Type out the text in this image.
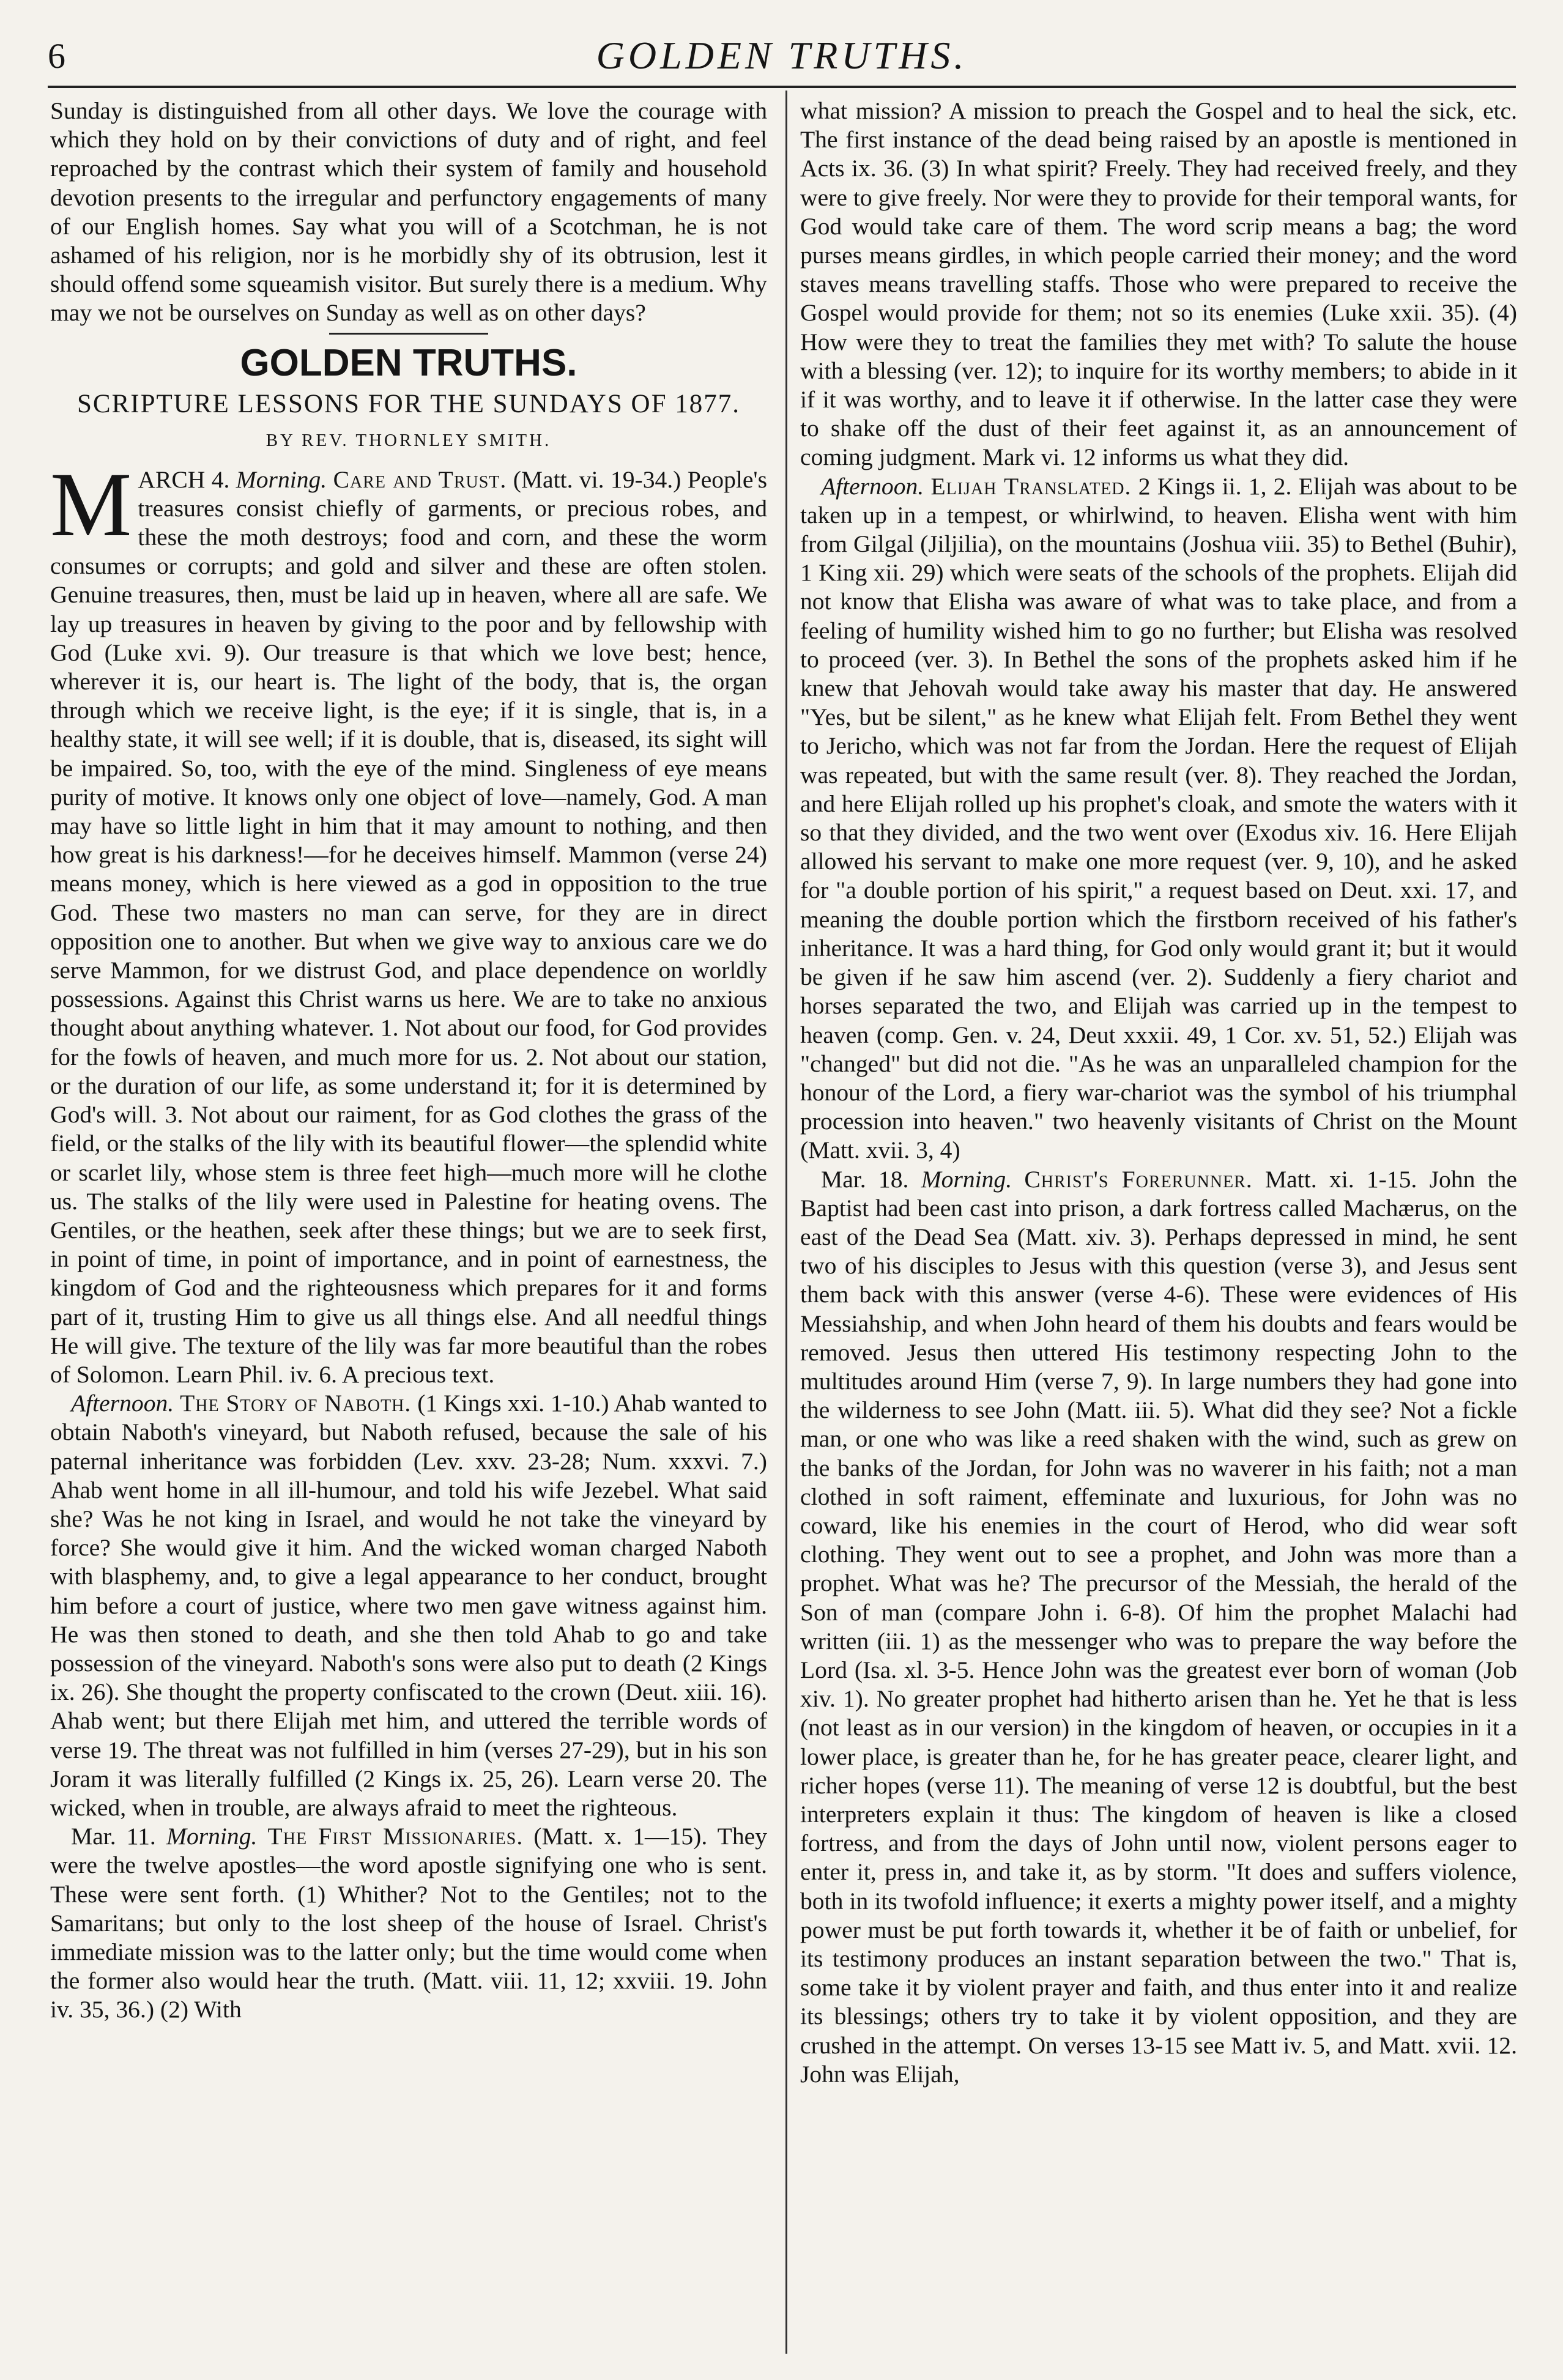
6	GOLDEN TRUTHS.

Sunday is distinguished from all other days. We love the courage with which they hold on by their convictions of duty and of right, and feel reproached by the contrast which their system of family and household devotion presents to the irregular and perfunctory engagements of many of our English homes. Say what you will of a Scotchman, he is not ashamed of his religion, nor is he morbidly shy of its obtrusion, lest it should offend some squeamish visitor. But surely there is a medium. Why may we not be ourselves on Sunday as well as on other days?

GOLDEN TRUTHS.
SCRIPTURE LESSONS FOR THE SUNDAYS OF 1877.
BY REV. THORNLEY SMITH.

MARCH 4. Morning. Care and Trust. (Matt. vi. 19-34.) People's treasures consist chiefly of garments, or precious robes, and these the moth destroys; food and corn, and these the worm consumes or corrupts; and gold and silver and these are often stolen. Genuine treasures, then, must be laid up in heaven, where all are safe. We lay up treasures in heaven by giving to the poor and by fellowship with God (Luke xvi. 9). Our treasure is that which we love best; hence, wherever it is, our heart is. The light of the body, that is, the organ through which we receive light, is the eye; if it is single, that is, in a healthy state, it will see well; if it is double, that is, diseased, its sight will be impaired. So, too, with the eye of the mind. Singleness of eye means purity of motive. It knows only one object of love—namely, God. A man may have so little light in him that it may amount to nothing, and then how great is his darkness!—for he deceives himself. Mammon (verse 24) means money, which is here viewed as a god in opposition to the true God. These two masters no man can serve, for they are in direct opposition one to another. But when we give way to anxious care we do serve Mammon, for we distrust God, and place dependence on worldly possessions. Against this Christ warns us here. We are to take no anxious thought about anything whatever. 1. Not about our food, for God provides for the fowls of heaven, and much more for us. 2. Not about our station, or the duration of our life, as some understand it; for it is determined by God's will. 3. Not about our raiment, for as God clothes the grass of the field, or the stalks of the lily with its beautiful flower—the splendid white or scarlet lily, whose stem is three feet high—much more will he clothe us. The stalks of the lily were used in Palestine for heating ovens. The Gentiles, or the heathen, seek after these things; but we are to seek first, in point of time, in point of importance, and in point of earnestness, the kingdom of God and the righteousness which prepares for it and forms part of it, trusting Him to give us all things else. And all needful things He will give. The texture of the lily was far more beautiful than the robes of Solomon. Learn Phil. iv. 6. A precious text.

Afternoon. The Story of Naboth. (1 Kings xxi. 1-10.) Ahab wanted to obtain Naboth's vineyard, but Naboth refused, because the sale of his paternal inheritance was forbidden (Lev. xxv. 23-28; Num. xxxvi. 7.) Ahab went home in all ill-humour, and told his wife Jezebel. What said she? Was he not king in Israel, and would he not take the vineyard by force? She would give it him. And the wicked woman charged Naboth with blasphemy, and, to give a legal appearance to her conduct, brought him before a court of justice, where two men gave witness against him. He was then stoned to death, and she then told Ahab to go and take possession of the vineyard. Naboth's sons were also put to death (2 Kings ix. 26). She thought the property confiscated to the crown (Deut. xiii. 16). Ahab went; but there Elijah met him, and uttered the terrible words of verse 19. The threat was not fulfilled in him (verses 27-29), but in his son Joram it was literally fulfilled (2 Kings ix. 25, 26). Learn verse 20. The wicked, when in trouble, are always afraid to meet the righteous.

Mar. 11. Morning. The First Missionaries. (Matt. x. 1—15). They were the twelve apostles—the word apostle signifying one who is sent. These were sent forth. (1) Whither? Not to the Gentiles; not to the Samaritans; but only to the lost sheep of the house of Israel. Christ's immediate mission was to the latter only; but the time would come when the former also would hear the truth. (Matt. viii. 11, 12; xxviii. 19. John iv. 35, 36.) (2) With

what mission? A mission to preach the Gospel and to heal the sick, etc. The first instance of the dead being raised by an apostle is mentioned in Acts ix. 36. (3) In what spirit? Freely. They had received freely, and they were to give freely. Nor were they to provide for their temporal wants, for God would take care of them. The word scrip means a bag; the word purses means girdles, in which people carried their money; and the word staves means travelling staffs. Those who were prepared to receive the Gospel would provide for them; not so its enemies (Luke xxii. 35). (4) How were they to treat the families they met with? To salute the house with a blessing (ver. 12); to inquire for its worthy members; to abide in it if it was worthy, and to leave it if otherwise. In the latter case they were to shake off the dust of their feet against it, as an announcement of coming judgment. Mark vi. 12 informs us what they did.

Afternoon. Elijah Translated. 2 Kings ii. 1, 2. Elijah was about to be taken up in a tempest, or whirlwind, to heaven. Elisha went with him from Gilgal (Jiljilia), on the mountains (Joshua viii. 35) to Bethel (Buhir), 1 King xii. 29) which were seats of the schools of the prophets. Elijah did not know that Elisha was aware of what was to take place, and from a feeling of humility wished him to go no further; but Elisha was resolved to proceed (ver. 3). In Bethel the sons of the prophets asked him if he knew that Jehovah would take away his master that day. He answered "Yes, but be silent," as he knew what Elijah felt. From Bethel they went to Jericho, which was not far from the Jordan. Here the request of Elijah was repeated, but with the same result (ver. 8). They reached the Jordan, and here Elijah rolled up his prophet's cloak, and smote the waters with it so that they divided, and the two went over (Exodus xiv. 16. Here Elijah allowed his servant to make one more request (ver. 9, 10), and he asked for "a double portion of his spirit," a request based on Deut. xxi. 17, and meaning the double portion which the firstborn received of his father's inheritance. It was a hard thing, for God only would grant it; but it would be given if he saw him ascend (ver. 2). Suddenly a fiery chariot and horses separated the two, and Elijah was carried up in the tempest to heaven (comp. Gen. v. 24, Deut xxxii. 49, 1 Cor. xv. 51, 52.) Elijah was "changed" but did not die. "As he was an unparalleled champion for the honour of the Lord, a fiery war-chariot was the symbol of his triumphal procession into heaven." two heavenly visitants of Christ on the Mount (Matt. xvii. 3, 4)

Mar. 18. Morning. Christ's Forerunner. Matt. xi. 1-15. John the Baptist had been cast into prison, a dark fortress called Machærus, on the east of the Dead Sea (Matt. xiv. 3). Perhaps depressed in mind, he sent two of his disciples to Jesus with this question (verse 3), and Jesus sent them back with this answer (verse 4-6). These were evidences of His Messiahship, and when John heard of them his doubts and fears would be removed. Jesus then uttered His testimony respecting John to the multitudes around Him (verse 7, 9). In large numbers they had gone into the wilderness to see John (Matt. iii. 5). What did they see? Not a fickle man, or one who was like a reed shaken with the wind, such as grew on the banks of the Jordan, for John was no waverer in his faith; not a man clothed in soft raiment, effeminate and luxurious, for John was no coward, like his enemies in the court of Herod, who did wear soft clothing. They went out to see a prophet, and John was more than a prophet. What was he? The precursor of the Messiah, the herald of the Son of man (compare John i. 6-8). Of him the prophet Malachi had written (iii. 1) as the messenger who was to prepare the way before the Lord (Isa. xl. 3-5. Hence John was the greatest ever born of woman (Job xiv. 1). No greater prophet had hitherto arisen than he. Yet he that is less (not least as in our version) in the kingdom of heaven, or occupies in it a lower place, is greater than he, for he has greater peace, clearer light, and richer hopes (verse 11). The meaning of verse 12 is doubtful, but the best interpreters explain it thus: The kingdom of heaven is like a closed fortress, and from the days of John until now, violent persons eager to enter it, press in, and take it, as by storm. "It does and suffers violence, both in its twofold influence; it exerts a mighty power itself, and a mighty power must be put forth towards it, whether it be of faith or unbelief, for its testimony produces an instant separation between the two." That is, some take it by violent prayer and faith, and thus enter into it and realize its blessings; others try to take it by violent opposition, and they are crushed in the attempt. On verses 13-15 see Matt iv. 5, and Matt. xvii. 12. John was Elijah,
